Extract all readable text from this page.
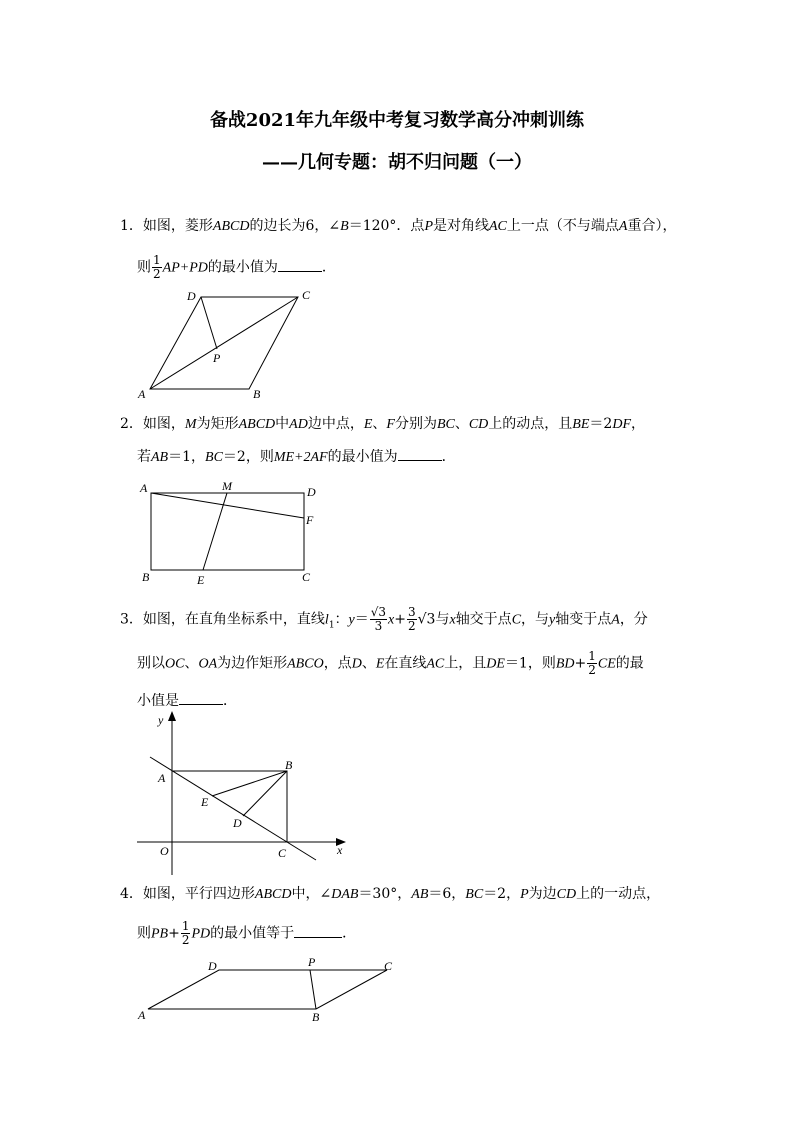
备战2021年九年级中考复习数学高分冲刺训练
——几何专题：胡不归问题（一）
1．如图，菱形ABCD的边长为6，∠B＝120°．点P是对角线AC上一点（不与端点A重合），
则 $\frac{1}{2} AP+PD$的最小值为	．
2．如图，M为矩形ABCD中AD边中点，E、F分别为BC、CD上的动点，且BE＝2DF，
若AB＝1，BC＝2，则ME+2AF的最小值为	．
3．如图，在直角坐标系中，直线$l_1$：$y= \frac{√3}{3} x+ \frac{3}{2} √3$与x轴交于点C，与y轴变于点A，分
别以OC、OA为边作矩形ABCO，点D、E在直线AC上，且DE＝1，则$BD+ \frac{1}{2}$ CE的最
小值是	．
4．如图，平行四边形ABCD中，∠DAB＝30°，AB＝6，BC＝2，P为边CD上的一动点，
则$PB+ \frac{1}{2}$ PD的最小值等于	．
A	B
C
D
P
A	M	D
F
B	E	C
y
A
B
E
D
O	C	x
D	P	C
A	B
